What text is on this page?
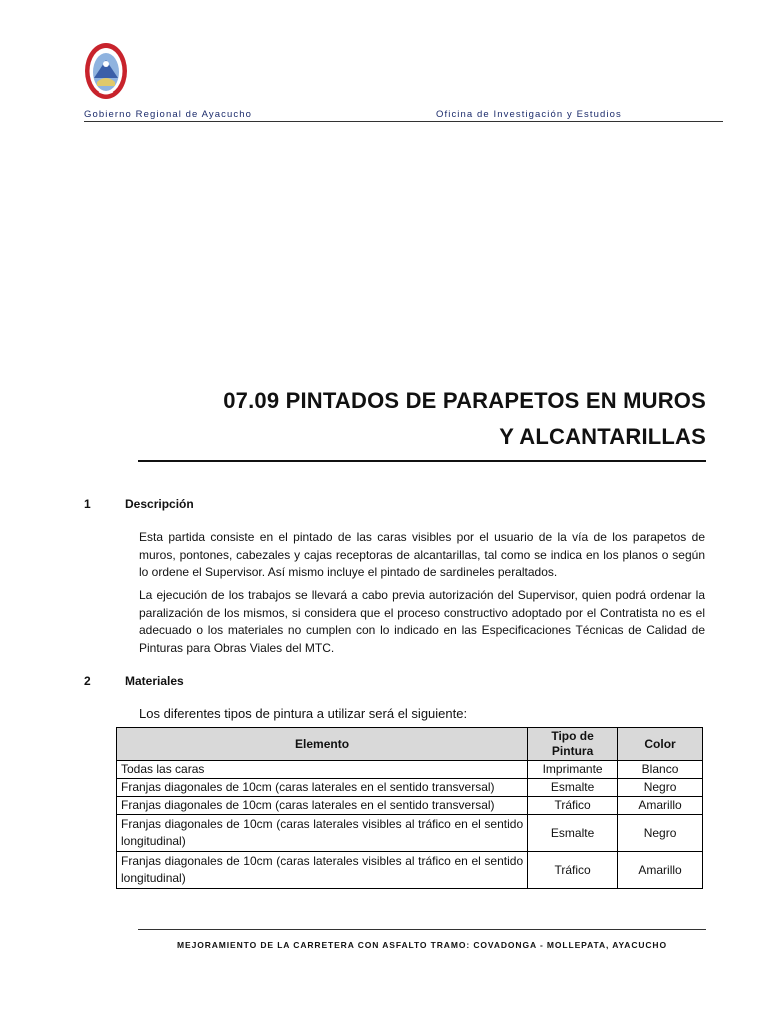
Gobierno Regional de Ayacucho	Oficina de Investigación y Estudios
07.09 PINTADOS DE PARAPETOS EN MUROS
Y ALCANTARILLAS
1	Descripción
Esta partida consiste en el pintado de las caras visibles por el usuario de la vía de los parapetos de muros, pontones, cabezales y cajas receptoras de alcantarillas, tal como se indica en los planos o según lo ordene el Supervisor. Así mismo incluye el pintado de sardineles peraltados.
La ejecución de los trabajos se llevará a cabo previa autorización del Supervisor, quien podrá ordenar la paralización de los mismos, si considera que el proceso constructivo adoptado por el Contratista no es el adecuado o los materiales no cumplen con lo indicado en las Especificaciones Técnicas de Calidad de Pinturas para Obras Viales del MTC.
2	Materiales
Los diferentes tipos de pintura a utilizar será el siguiente:
Elemento	Tipo de Pintura	Color
Todas las caras	Imprimante	Blanco
Franjas diagonales de 10cm (caras laterales en el sentido transversal)	Esmalte	Negro
Franjas diagonales de 10cm (caras laterales en el sentido transversal)	Tráfico	Amarillo
Franjas diagonales de 10cm (caras laterales visibles al tráfico en el sentido longitudinal)	Esmalte	Negro
Franjas diagonales de 10cm (caras laterales visibles al tráfico en el sentido longitudinal)	Tráfico	Amarillo
MEJORAMIENTO DE LA CARRETERA CON ASFALTO TRAMO: COVADONGA - MOLLEPATA, AYACUCHO
